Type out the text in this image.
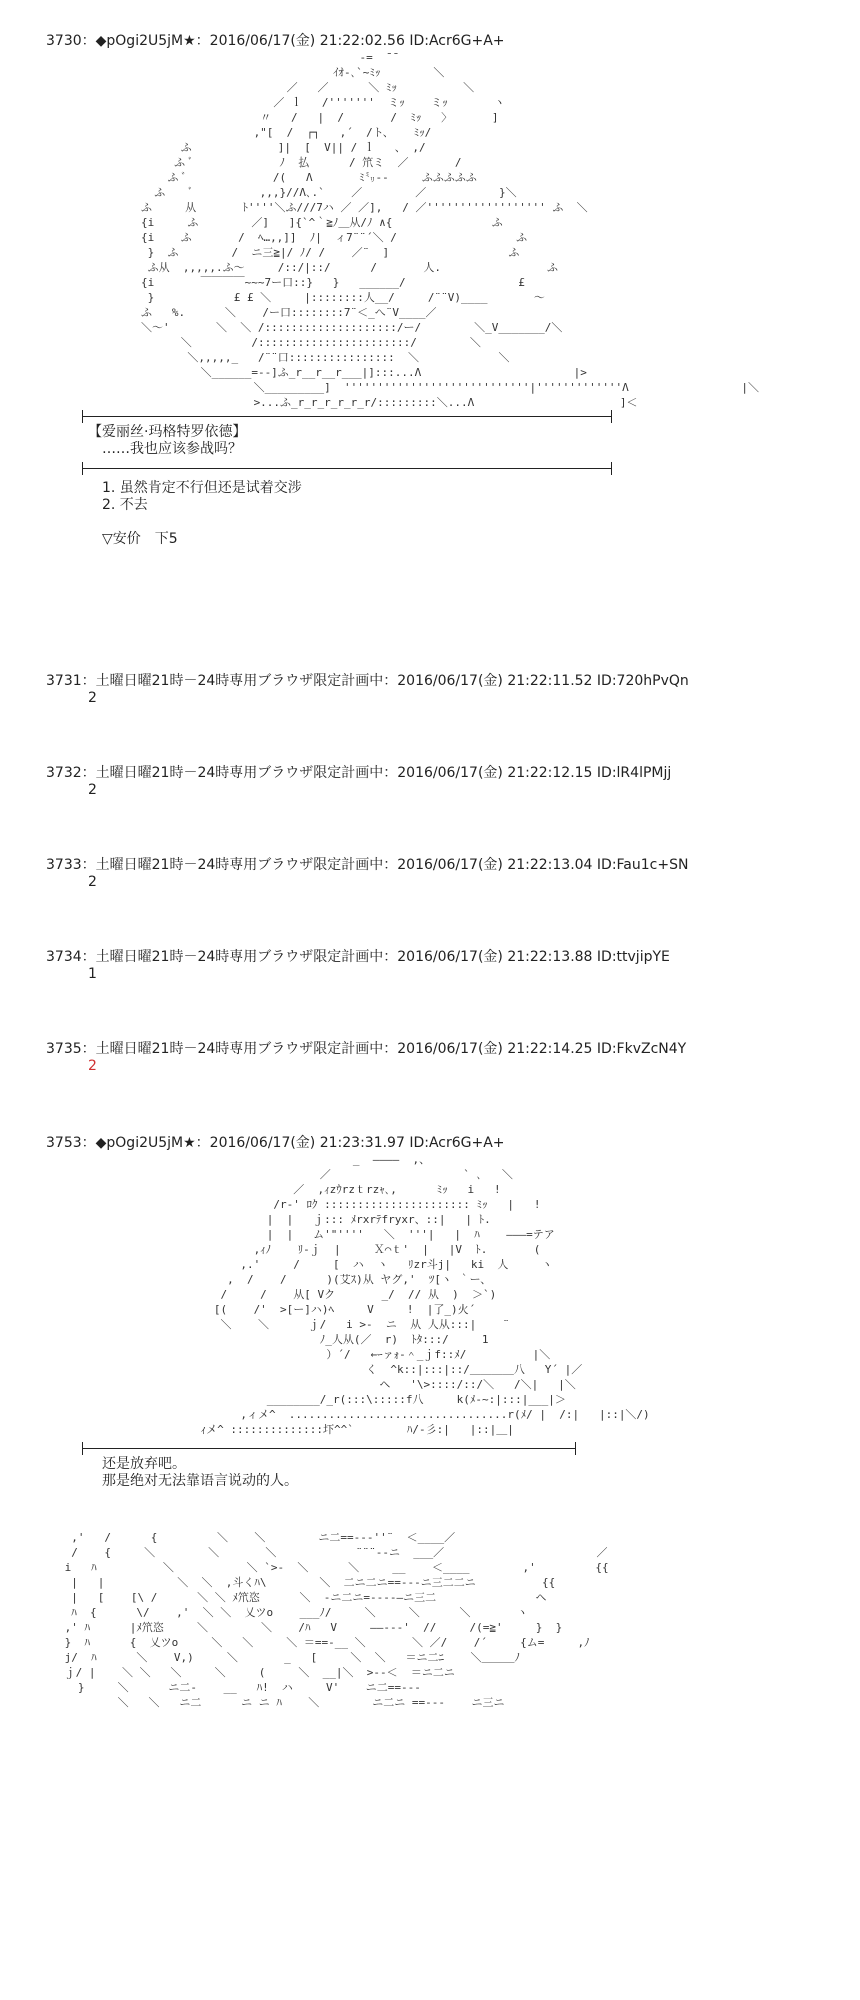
3730：◆pOgi2U5jM★：2016/06/17(金) 21:22:02.56 ID:Acr6G+A+
-=  ̄ ̄
ｲｵ-､`~ﾐｯ        ＼
／   ／      ＼ ﾐｯ          ＼
／ ｌ   /'''''''  ミｯ    ミｯ       ヽ
〃   /   |  /       /  ﾐｯ   〉      ]
,"[  /  ┌┐   ,´  /ト、   ﾐｯ/
ふ             ]|  [  V|| / ｌ   、 ,/
ふ ﾞ             ﾉ  払      / 笊ミ  ／       /
ふ ﾞ             /(   Λ       ﾐ㍉--     ふふふふふ
ふ    ﾞ          ,,,}//Λ､.`    ／        ／           }＼
ふ     从       ﾄ''''＼ふ///7ハ ／ ／],   / ／'''''''''''''''''' ふ  ＼
{i     ふ        ／]   ]{`^｀≧ﾉ＿从/ﾉ ∧{               ふ
{i    ふ       /  ﾍ…,,]]  ﾉ|  ィ7¨¨´＼ /                  ふ
}  ふ        /  ニ三≧|/ ﾉ/ /    ／¨  ]                  ふ
ふ从  ,,,,,.ふ～     /::/|::/      /       人.                ふ
{i       ￣￣￣￣~~~7ー口::}   }   ______/                 £
}            £ £ ＼     |::::::::人__/     /¨¨V)____       ～
ふ   %.      ＼    /ー口::::::::7¨＜_へ¨V____／
＼～'       ＼  ＼ /::::::::::::::::::::/ー/        ＼_V_______/＼
＼         /:::::::::::::::::::::::/        ＼
＼,,,,,_   /¨¨口::::::::::::::::  ＼            ＼
＼______=--]ふ_r__r__r___|]:::...Λ                       |>
＼_________]  ''''''''''''''''''''''''''''|'''''''''''''Λ                 |＼
>...ふ_r_r_r_r_r_r/:::::::::＼...Λ                      ]＜

【爱丽丝·玛格特罗依德】
……我也应该参战吗？
1. 虽然肯定不行但还是试着交涉
2. 不去
▽安价　下5
3731：土曜日曜21時－24時専用ブラウザ限定計画中：2016/06/17(金) 21:22:11.52 ID:720hPvQn
2
3732：土曜日曜21時－24時専用ブラウザ限定計画中：2016/06/17(金) 21:22:12.15 ID:lR4lPMjj
2
3733：土曜日曜21時－24時専用ブラウザ限定計画中：2016/06/17(金) 21:22:13.04 ID:Fau1c+SN
2
3734：土曜日曜21時－24時専用ブラウザ限定計画中：2016/06/17(金) 21:22:13.88 ID:ttvjipYE
1
3735：土曜日曜21時－24時専用ブラウザ限定計画中：2016/06/17(金) 21:22:14.25 ID:FkvZcN4Y
2
3753：◆pOgi2U5jM★：2016/06/17(金) 21:23:31.97 ID:Acr6G+A+
_  ――――  ,、
／                    ` ､   ＼
／  ,ｨzｳrzｔrzｬ､,      ﾐｯ   i   !
/r-' ﾛｸ :::::::::::::::::::::: ﾐｯ   |   !
|  |   ｊ::: ﾒrxrﾃfryxr、::|   | ﾄ.
|  |   ム'"''''   ＼  '''|   |  ﾊ    ―――=テア
,ｨﾉ    ﾘ-ｊ  |     Ｘ⌒ｔ'  |   |V  ﾄ.       (
,.'     /     [  ハ  ヽ   ﾘzr斗j|   ki  人     ヽ
,  /    /      )(艾ｽ)从 ヤグ,'  ﾂ[ヽ ｀ー、
/     /    从[ Vク       _/  // 从  )  ＞`)
[(    /'  >[ー]ハ)ﾍ     V     !  |了_)火´
＼    ＼      ｊ/   i >-  ニ  从 人从:::|    ¨
ﾉ_人从(／  r)  ﾄﾀ:::/     1
）´/   ←ｰァｫ-＾_ｊf::ﾒ/          |＼
く  ^k::|:::|::/＿＿＿＿八   Y´ |／
ヘ   '\>::::/::/＼   /＼|   |＼
________/_r(:::\:::::f八     k(ﾒ-~:|:::|___|＞
,ィメ^  .................................r(ﾒ/ |  /:|   |::|＼/)
ｨメ^ ::::::::::::::圷^^`        ﾊ/-彡:|   |::|＿|
还是放弃吧。
那是绝对无法靠语言说动的人。
,'   /      {         ＼    ＼        ニ二==--‐''¨  ＜____／
/    {     ＼        ＼       ＼            ¨¨¨--ニ  ___／                       ／
i   ﾊ          ＼           ＼ `>-  ＼      ＼     __    ＜____        ,'         {{
|   |           ＼  ＼  ,斗くﾊ\        ＼  二ニ二ニ==‐--ニ三二二ニ          {{
|   [    [\ /      ＼ ＼ ﾒ笊恣      ＼  ‐ニ二ニ=‐---―ニ三二               ヘ
ﾊ  {      \/    ,'  ＼ ＼  乂ツo    ___ﾉ/     ＼     ＼      ＼       ヽ
,' ﾊ      |ﾒ笊恣     ＼        ＼    /ﾊ   V     ――--‐'  //     /(=≧'     }  }
}  ﾊ      {  乂ツo     ＼   ＼     ＼ ＝==‐__ ＼       ＼ ／/    /´     {ム=     ,ﾉ
j/  ﾊ      ＼    V,)     ＼       _   [     ＼  ＼   ＝ニ二ﾆ    ＼＿＿＿ﾉ
ｊ/ |    ＼ ＼   ＼     ＼     (     ＼  __|＼  >--＜  ＝ニ二ニ
}     ＼      ニ二-    __   ﾊ!  ハ     V'    ニ二==‐--
＼   ＼   ニ二      ニ ニ ﾊ    ＼        ニ二ニ ==‐--    ニ三ニ
